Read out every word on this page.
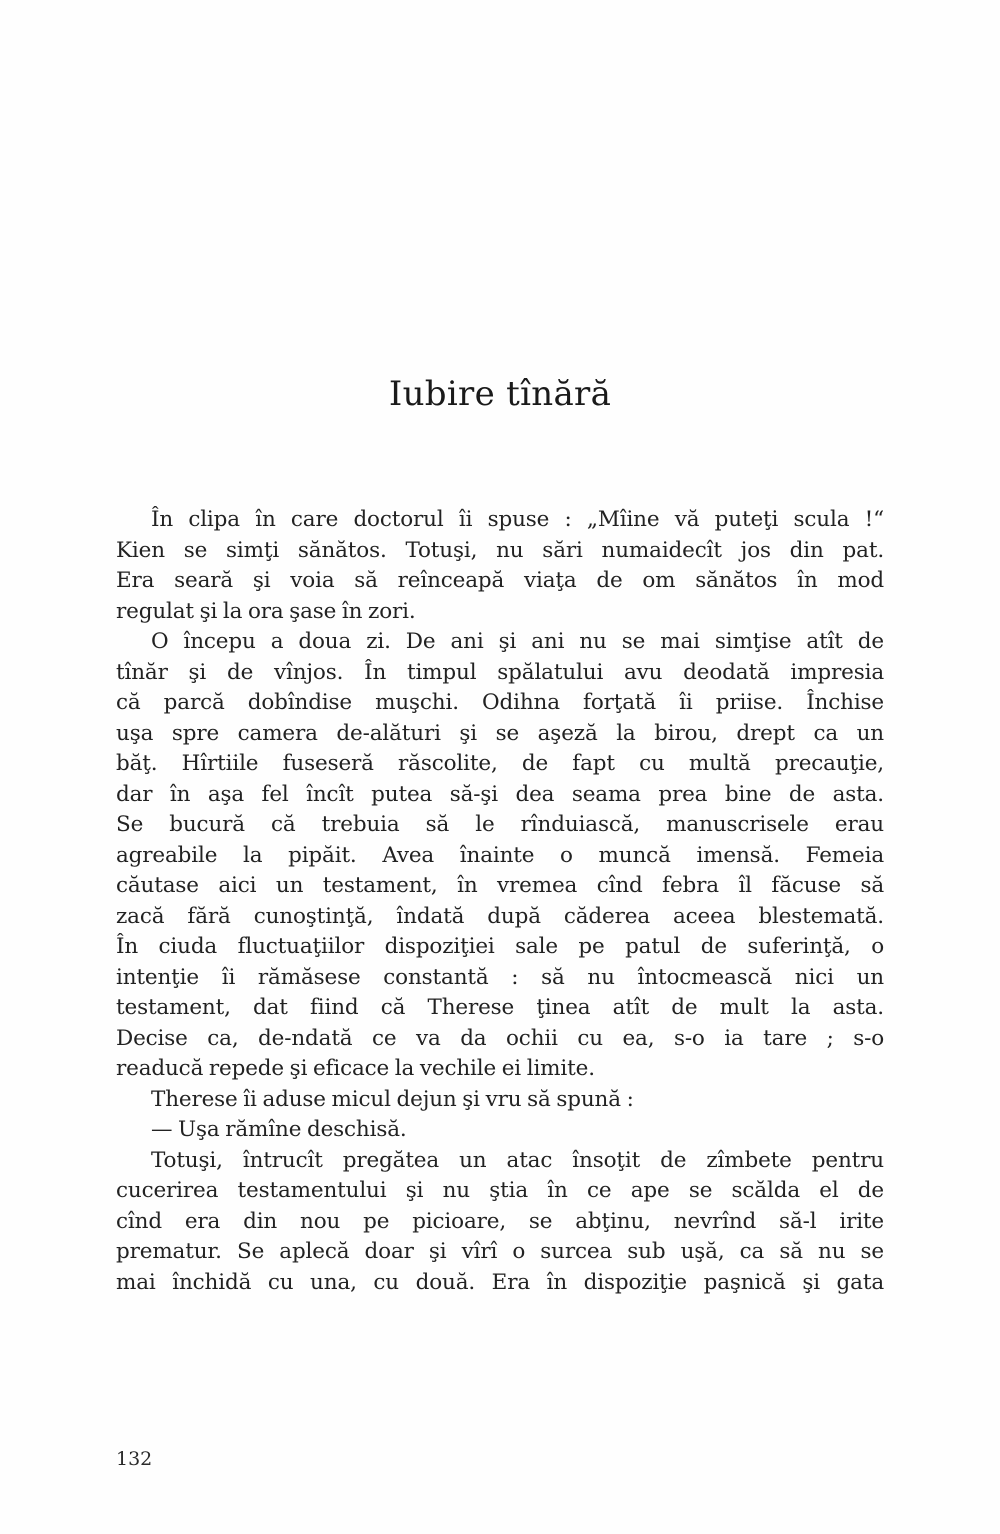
Iubire tînără
În clipa în care doctorul îi spuse : „Mîine vă puteţi scula !“
Kien se simţi sănătos. Totuşi, nu sări numaidecît jos din pat.
Era seară şi voia să reînceapă viaţa de om sănătos în mod
regulat şi la ora şase în zori.
O începu a doua zi. De ani şi ani nu se mai simţise atît de
tînăr şi de vînjos. În timpul spălatului avu deodată impresia
că parcă dobîndise muşchi. Odihna forţată îi priise. Închise
uşa spre camera de-alături şi se aşeză la birou, drept ca un
băţ. Hîrtiile fuseseră răscolite, de fapt cu multă precauţie,
dar în aşa fel încît putea să-şi dea seama prea bine de asta.
Se bucură că trebuia să le rînduiască, manuscrisele erau
agreabile la pipăit. Avea înainte o muncă imensă. Femeia
căutase aici un testament, în vremea cînd febra îl făcuse să
zacă fără cunoştinţă, îndată după căderea aceea blestemată.
În ciuda fluctuaţiilor dispoziţiei sale pe patul de suferinţă, o
intenţie îi rămăsese constantă : să nu întocmească nici un
testament, dat fiind că Therese ţinea atît de mult la asta.
Decise ca, de-ndată ce va da ochii cu ea, s-o ia tare ; s-o
readucă repede şi eficace la vechile ei limite.
Therese îi aduse micul dejun şi vru să spună :
— Uşa rămîne deschisă.
Totuşi, întrucît pregătea un atac însoţit de zîmbete pentru
cucerirea testamentului şi nu ştia în ce ape se scălda el de
cînd era din nou pe picioare, se abţinu, nevrînd să-l irite
prematur. Se aplecă doar şi vîrî o surcea sub uşă, ca să nu se
mai închidă cu una, cu două. Era în dispoziţie paşnică şi gata
132
